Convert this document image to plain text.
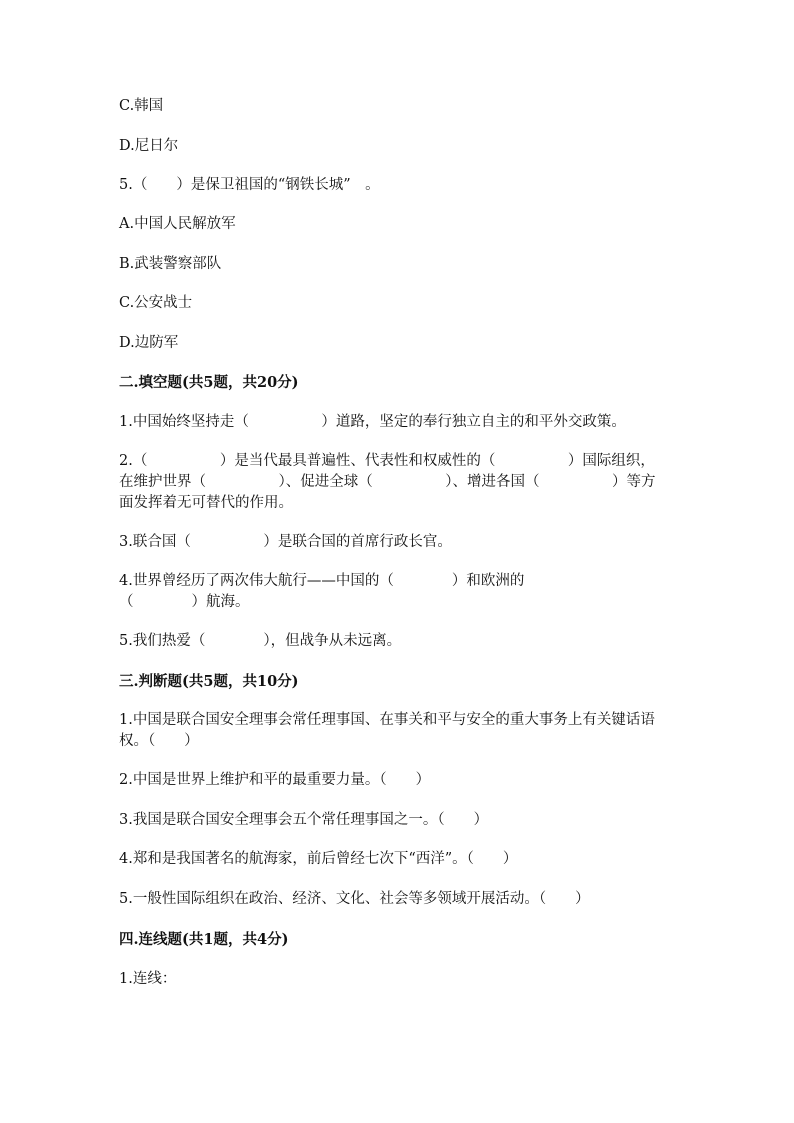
C.韩国
D.尼日尔
5.（　　）是保卫祖国的“钢铁长城”　。
A.中国人民解放军
B.武装警察部队
C.公安战士
D.边防军
二.填空题(共5题，共20分)
1.中国始终坚持走（　　　　　）道路，坚定的奉行独立自主的和平外交政策。
2.（　　　　　）是当代最具普遍性、代表性和权威性的（　　　　　）国际组织，在维护世界（　　　　　）、促进全球（　　　　　）、增进各国（　　　　　）等方面发挥着无可替代的作用。
3.联合国（　　　　　）是联合国的首席行政长官。
4.世界曾经历了两次伟大航行——中国的（　　　　）和欧洲的（　　　　）航海。
5.我们热爱（　　　　），但战争从未远离。
三.判断题(共5题，共10分)
1.中国是联合国安全理事会常任理事国、在事关和平与安全的重大事务上有关键话语权。（　　）
2.中国是世界上维护和平的最重要力量。（　　）
3.我国是联合国安全理事会五个常任理事国之一。（　　）
4.郑和是我国著名的航海家，前后曾经七次下“西洋”。（　　）
5.一般性国际组织在政治、经济、文化、社会等多领域开展活动。（　　）
四.连线题(共1题，共4分)
1.连线：
